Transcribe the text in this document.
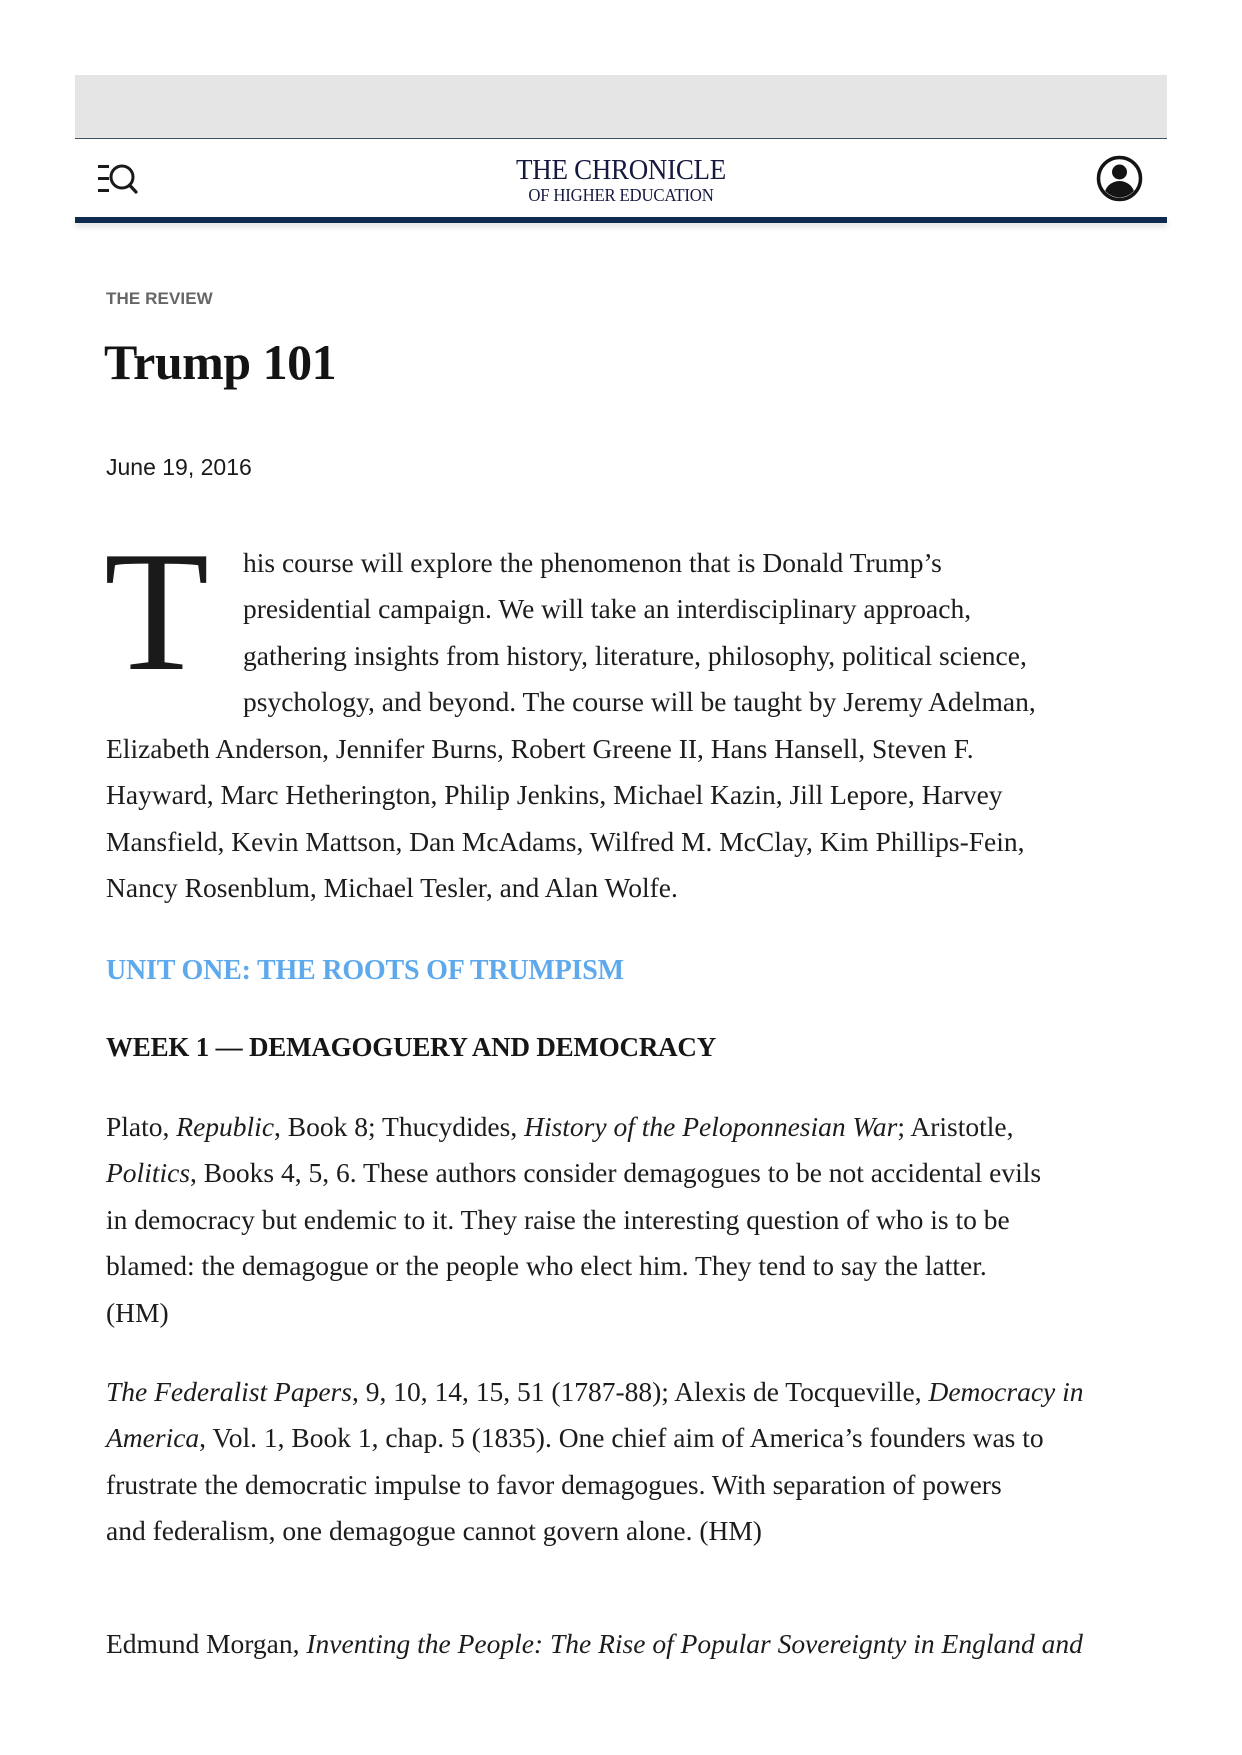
THE CHRONICLE
OF HIGHER EDUCATION
THE REVIEW
Trump 101
June 19, 2016
T his course will explore the phenomenon that is Donald Trump’s
presidential campaign. We will take an interdisciplinary approach,
gathering insights from history, literature, philosophy, political science,
psychology, and beyond. The course will be taught by Jeremy Adelman,
Elizabeth Anderson, Jennifer Burns, Robert Greene II, Hans Hansell, Steven F.
Hayward, Marc Hetherington, Philip Jenkins, Michael Kazin, Jill Lepore, Harvey
Mansfield, Kevin Mattson, Dan McAdams, Wilfred M. McClay, Kim Phillips-Fein,
Nancy Rosenblum, Michael Tesler, and Alan Wolfe.
UNIT ONE: THE ROOTS OF TRUMPISM
WEEK 1 — DEMAGOGUERY AND DEMOCRACY
Plato, Republic, Book 8; Thucydides, History of the Peloponnesian War; Aristotle,
Politics, Books 4, 5, 6. These authors consider demagogues to be not accidental evils
in democracy but endemic to it. They raise the interesting question of who is to be
blamed: the demagogue or the people who elect him. They tend to say the latter.
(HM)
The Federalist Papers, 9, 10, 14, 15, 51 (1787-88); Alexis de Tocqueville, Democracy in
America, Vol. 1, Book 1, chap. 5 (1835). One chief aim of America’s founders was to
frustrate the democratic impulse to favor demagogues. With separation of powers
and federalism, one demagogue cannot govern alone. (HM)
Edmund Morgan, Inventing the People: The Rise of Popular Sovereignty in England and
